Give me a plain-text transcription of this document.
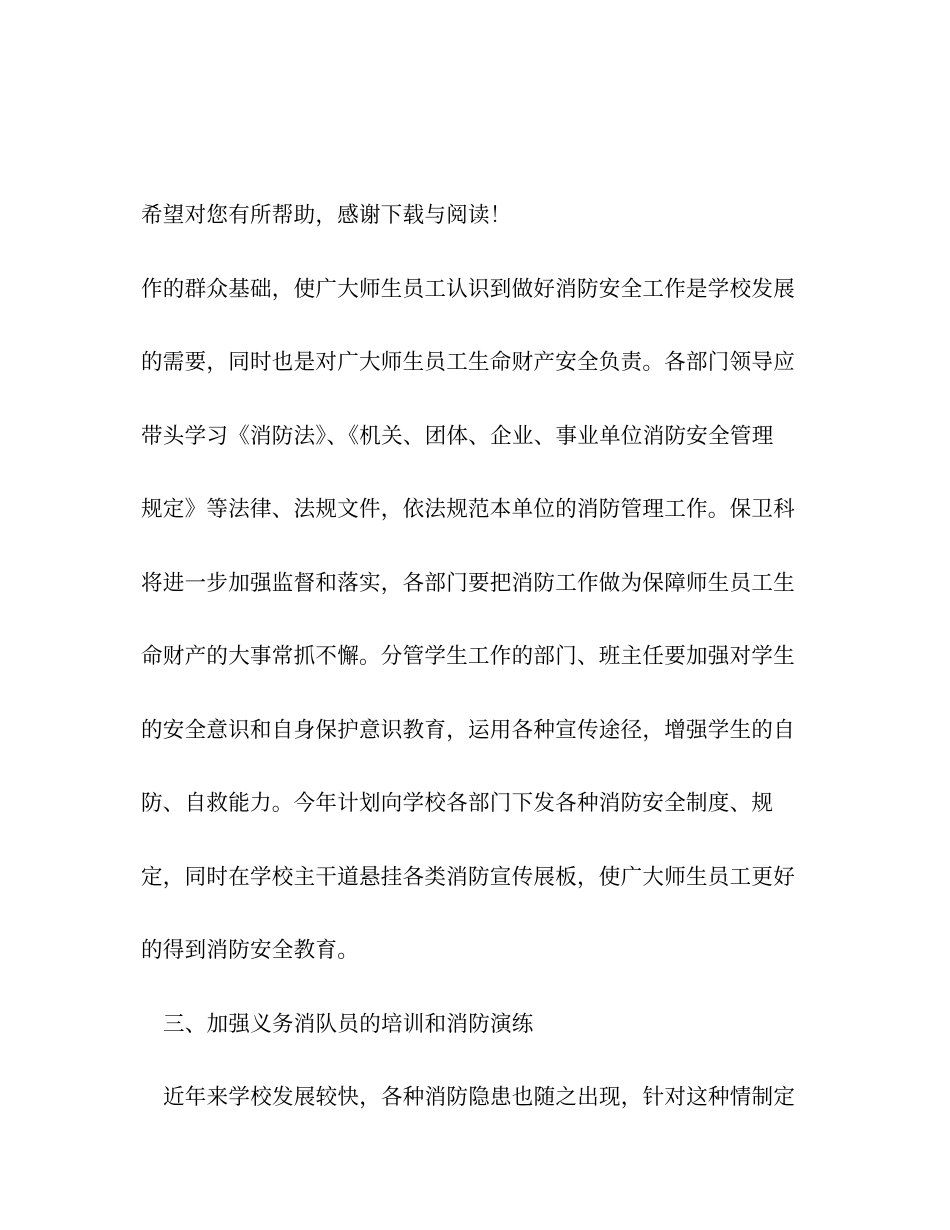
希望对您有所帮助，感谢下载与阅读！
作的群众基础，使广大师生员工认识到做好消防安全工作是学校发展
的需要，同时也是对广大师生员工生命财产安全负责。各部门领导应
带头学习《消防法》、《机关、团体、企业、事业单位消防安全管理
规定》等法律、法规文件，依法规范本单位的消防管理工作。保卫科
将进一步加强监督和落实，各部门要把消防工作做为保障师生员工生
命财产的大事常抓不懈。分管学生工作的部门、班主任要加强对学生
的安全意识和自身保护意识教育，运用各种宣传途径，增强学生的自
防、自救能力。今年计划向学校各部门下发各种消防安全制度、规
定，同时在学校主干道悬挂各类消防宣传展板，使广大师生员工更好
的得到消防安全教育。
三、加强义务消队员的培训和消防演练
近年来学校发展较快，各种消防隐患也随之出现，针对这种情制定
